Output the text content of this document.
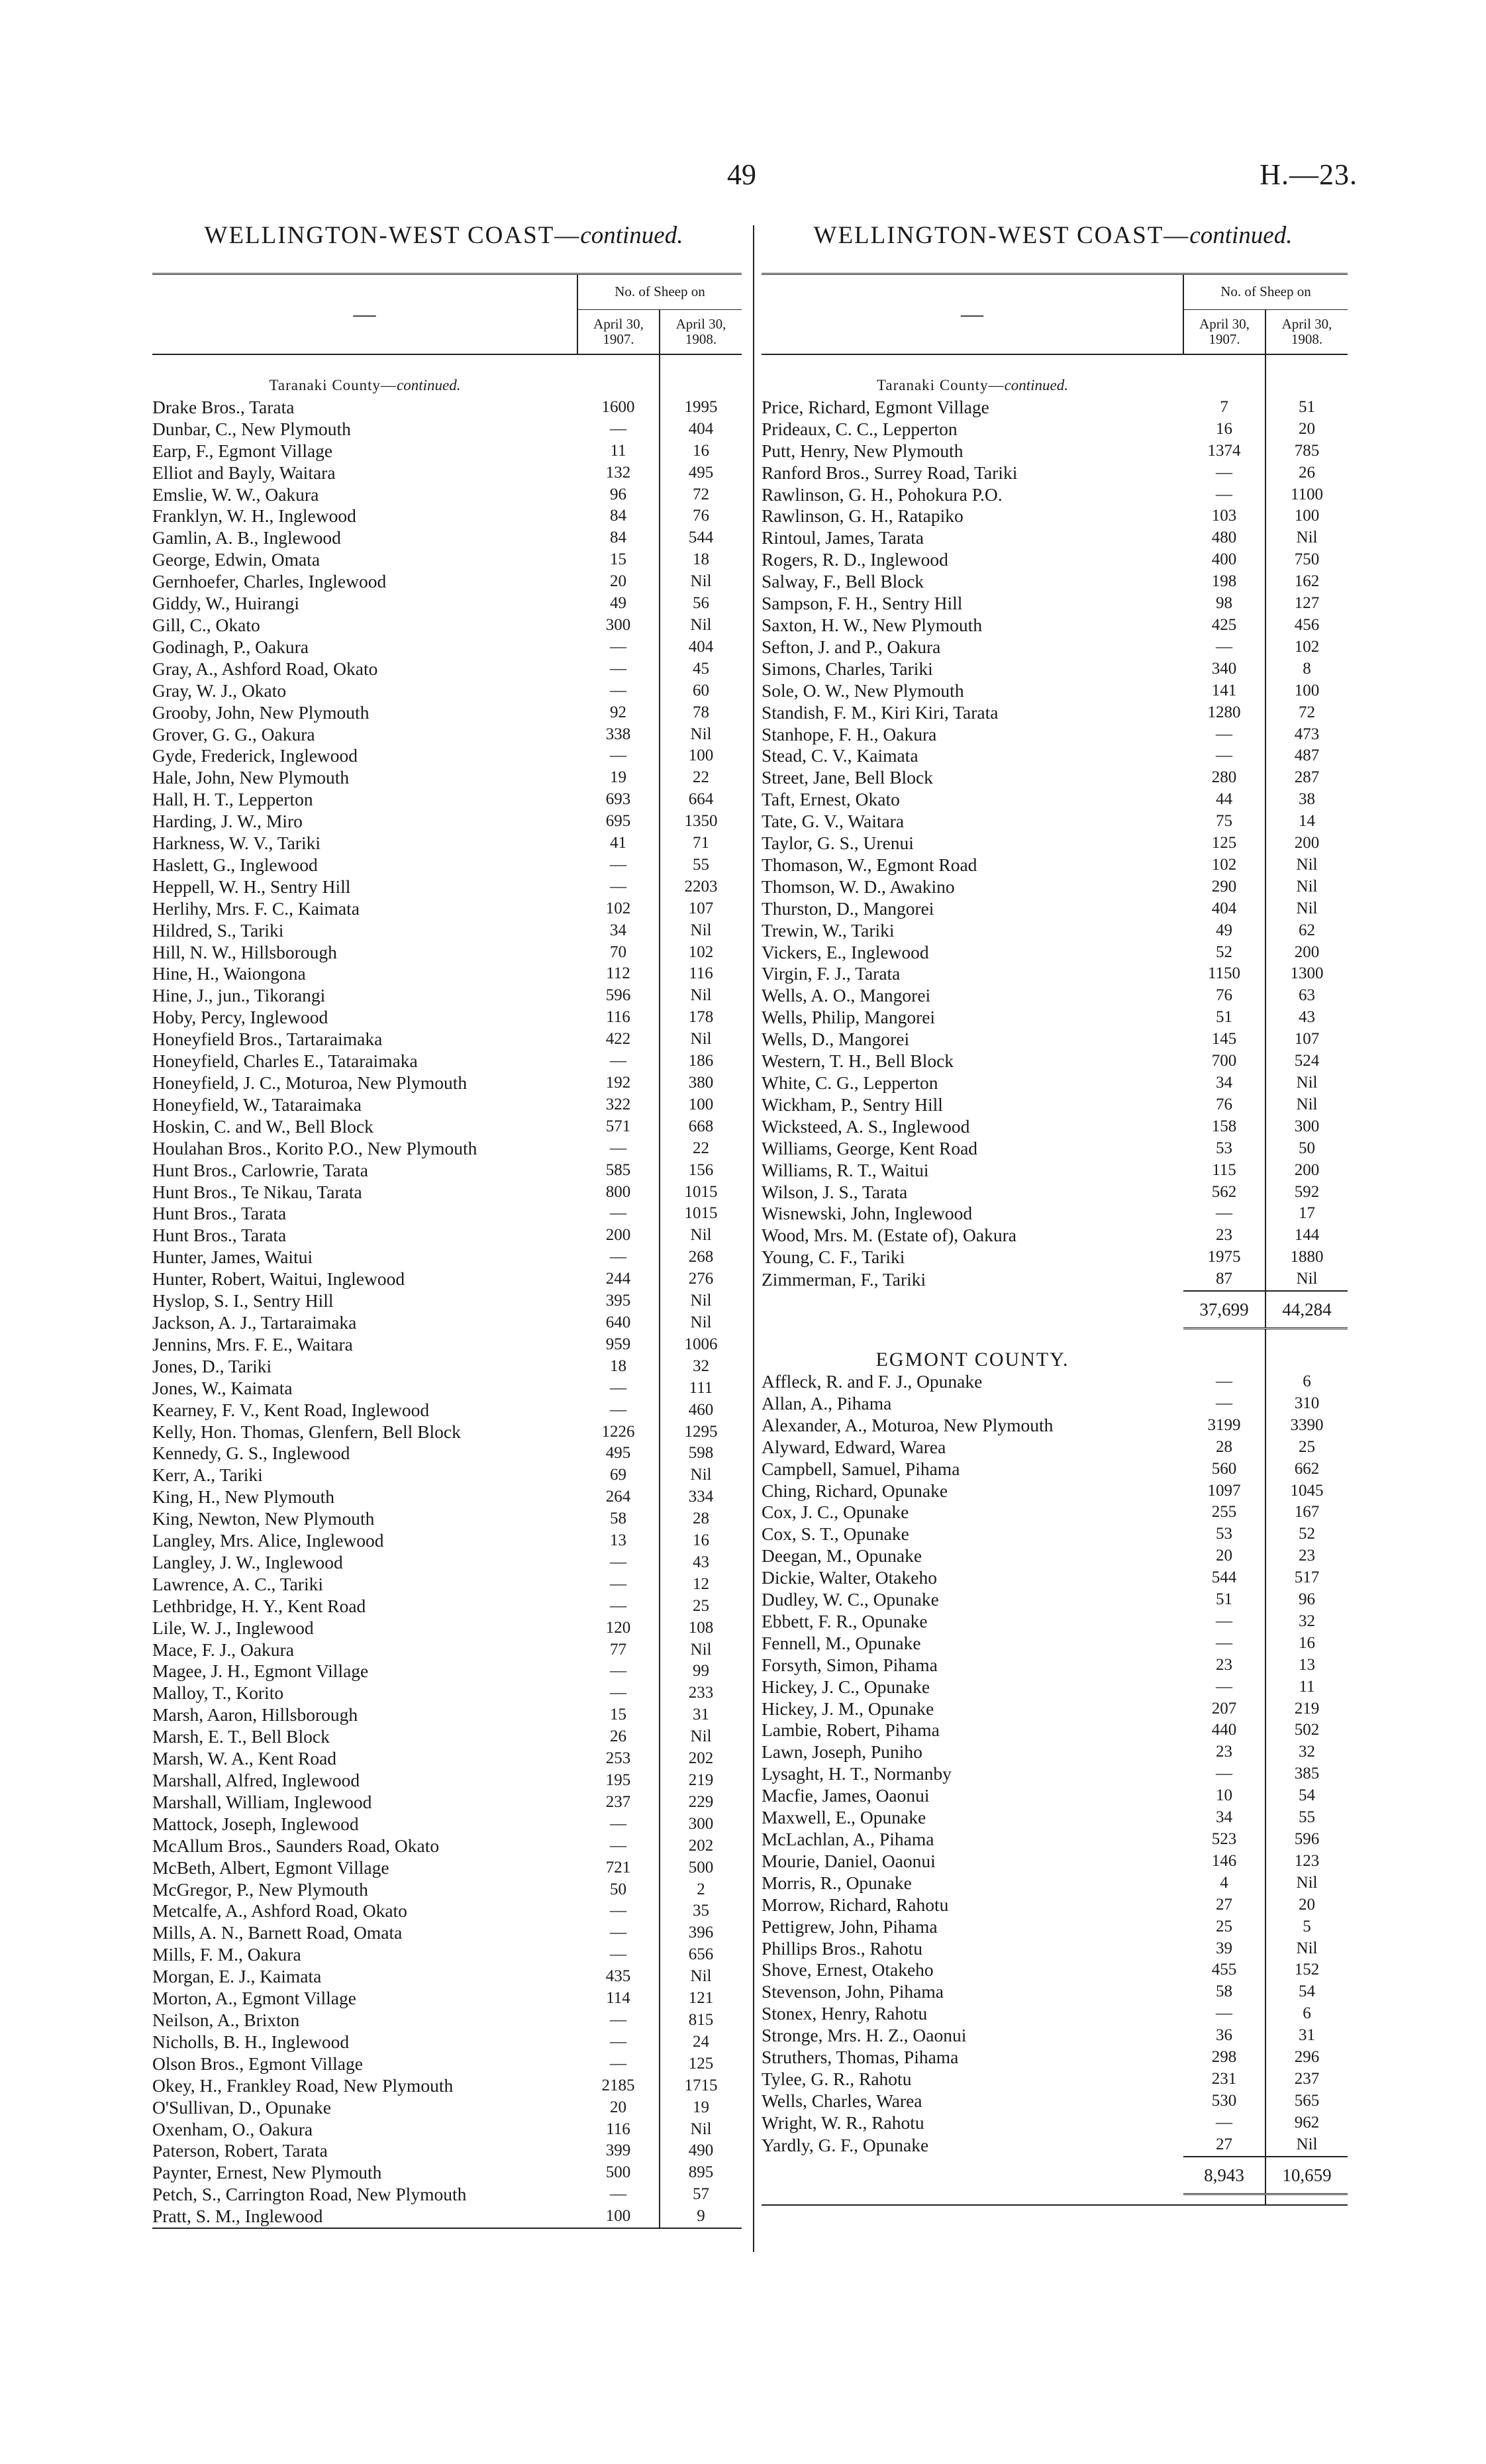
49	H.—23.
WELLINGTON-WEST COAST—continued.	WELLINGTON-WEST COAST—continued.
—	No. of Sheep on	
	April 30, 1907.	April 30, 1908.

Taranaki County—continued.		
Drake Bros., Tarata	1600	1995
Dunbar, C., New Plymouth	—	404
Earp, F., Egmont Village	11	16
Elliot and Bayly, Waitara	132	495
Emslie, W. W., Oakura	96	72
Franklyn, W. H., Inglewood	84	76
Gamlin, A. B., Inglewood	84	544
George, Edwin, Omata	15	18
Gernhoefer, Charles, Inglewood	20	Nil
Giddy, W., Huirangi	49	56
Gill, C., Okato	300	Nil
Godinagh, P., Oakura	—	404
Gray, A., Ashford Road, Okato	—	45
Gray, W. J., Okato	—	60
Grooby, John, New Plymouth	92	78
Grover, G. G., Oakura	338	Nil
Gyde, Frederick, Inglewood	—	100
Hale, John, New Plymouth	19	22
Hall, H. T., Lepperton	693	664
Harding, J. W., Miro	695	1350
Harkness, W. V., Tariki	41	71
Haslett, G., Inglewood	—	55
Heppell, W. H., Sentry Hill	—	2203
Herlihy, Mrs. F. C., Kaimata	102	107
Hildred, S., Tariki	34	Nil
Hill, N. W., Hillsborough	70	102
Hine, H., Waiongona	112	116
Hine, J., jun., Tikorangi	596	Nil
Hoby, Percy, Inglewood	116	178
Honeyfield Bros., Tartaraimaka	422	Nil
Honeyfield, Charles E., Tataraimaka	—	186
Honeyfield, J. C., Moturoa, New Plymouth	192	380
Honeyfield, W., Tataraimaka	322	100
Hoskin, C. and W., Bell Block	571	668
Houlahan Bros., Korito P.O., New Plymouth	—	22
Hunt Bros., Carlowrie, Tarata	585	156
Hunt Bros., Te Nikau, Tarata	800	1015
Hunt Bros., Tarata	—	1015
Hunt Bros., Tarata	200	Nil
Hunter, James, Waitui	—	268
Hunter, Robert, Waitui, Inglewood	244	276
Hyslop, S. I., Sentry Hill	395	Nil
Jackson, A. J., Tartaraimaka	640	Nil
Jennins, Mrs. F. E., Waitara	959	1006
Jones, D., Tariki	18	32
Jones, W., Kaimata	—	111
Kearney, F. V., Kent Road, Inglewood	—	460
Kelly, Hon. Thomas, Glenfern, Bell Block	1226	1295
Kennedy, G. S., Inglewood	495	598
Kerr, A., Tariki	69	Nil
King, H., New Plymouth	264	334
King, Newton, New Plymouth	58	28
Langley, Mrs. Alice, Inglewood	13	16
Langley, J. W., Inglewood	—	43
Lawrence, A. C., Tariki	—	12
Lethbridge, H. Y., Kent Road	—	25
Lile, W. J., Inglewood	120	108
Mace, F. J., Oakura	77	Nil
Magee, J. H., Egmont Village	—	99
Malloy, T., Korito	—	233
Marsh, Aaron, Hillsborough	15	31
Marsh, E. T., Bell Block	26	Nil
Marsh, W. A., Kent Road	253	202
Marshall, Alfred, Inglewood	195	219
Marshall, William, Inglewood	237	229
Mattock, Joseph, Inglewood	—	300
McAllum Bros., Saunders Road, Okato	—	202
McBeth, Albert, Egmont Village	721	500
McGregor, P., New Plymouth	50	2
Metcalfe, A., Ashford Road, Okato	—	35
Mills, A. N., Barnett Road, Omata	—	396
Mills, F. M., Oakura	—	656
Morgan, E. J., Kaimata	435	Nil
Morton, A., Egmont Village	114	121
Neilson, A., Brixton	—	815
Nicholls, B. H., Inglewood	—	24
Olson Bros., Egmont Village	—	125
Okey, H., Frankley Road, New Plymouth	2185	1715
O'Sullivan, D., Opunake	20	19
Oxenham, O., Oakura	116	Nil
Paterson, Robert, Tarata	399	490
Paynter, Ernest, New Plymouth	500	895
Petch, S., Carrington Road, New Plymouth	—	57
Pratt, S. M., Inglewood	100	9

—	No. of Sheep on	
	April 30, 1907.	April 30, 1908.

Taranaki County—continued.		
Price, Richard, Egmont Village	7	51
Prideaux, C. C., Lepperton	16	20
Putt, Henry, New Plymouth	1374	785
Ranford Bros., Surrey Road, Tariki	—	26
Rawlinson, G. H., Pohokura P.O.	—	1100
Rawlinson, G. H., Ratapiko	103	100
Rintoul, James, Tarata	480	Nil
Rogers, R. D., Inglewood	400	750
Salway, F., Bell Block	198	162
Sampson, F. H., Sentry Hill	98	127
Saxton, H. W., New Plymouth	425	456
Sefton, J. and P., Oakura	—	102
Simons, Charles, Tariki	340	8
Sole, O. W., New Plymouth	141	100
Standish, F. M., Kiri Kiri, Tarata	1280	72
Stanhope, F. H., Oakura	—	473
Stead, C. V., Kaimata	—	487
Street, Jane, Bell Block	280	287
Taft, Ernest, Okato	44	38
Tate, G. V., Waitara	75	14
Taylor, G. S., Urenui	125	200
Thomason, W., Egmont Road	102	Nil
Thomson, W. D., Awakino	290	Nil
Thurston, D., Mangorei	404	Nil
Trewin, W., Tariki	49	62
Vickers, E., Inglewood	52	200
Virgin, F. J., Tarata	1150	1300
Wells, A. O., Mangorei	76	63
Wells, Philip, Mangorei	51	43
Wells, D., Mangorei	145	107
Western, T. H., Bell Block	700	524
White, C. G., Lepperton	34	Nil
Wickham, P., Sentry Hill	76	Nil
Wicksteed, A. S., Inglewood	158	300
Williams, George, Kent Road	53	50
Williams, R. T., Waitui	115	200
Wilson, J. S., Tarata	562	592
Wisnewski, John, Inglewood	—	17
Wood, Mrs. M. (Estate of), Oakura	23	144
Young, C. F., Tariki	1975	1880
Zimmerman, F., Tariki	87	Nil
	37,699	44,284

EGMONT COUNTY.		
Affleck, R. and F. J., Opunake	—	6
Allan, A., Pihama	—	310
Alexander, A., Moturoa, New Plymouth	3199	3390
Alyward, Edward, Warea	28	25
Campbell, Samuel, Pihama	560	662
Ching, Richard, Opunake	1097	1045
Cox, J. C., Opunake	255	167
Cox, S. T., Opunake	53	52
Deegan, M., Opunake	20	23
Dickie, Walter, Otakeho	544	517
Dudley, W. C., Opunake	51	96
Ebbett, F. R., Opunake	—	32
Fennell, M., Opunake	—	16
Forsyth, Simon, Pihama	23	13
Hickey, J. C., Opunake	—	11
Hickey, J. M., Opunake	207	219
Lambie, Robert, Pihama	440	502
Lawn, Joseph, Puniho	23	32
Lysaght, H. T., Normanby	—	385
Macfie, James, Oaonui	10	54
Maxwell, E., Opunake	34	55
McLachlan, A., Pihama	523	596
Mourie, Daniel, Oaonui	146	123
Morris, R., Opunake	4	Nil
Morrow, Richard, Rahotu	27	20
Pettigrew, John, Pihama	25	5
Phillips Bros., Rahotu	39	Nil
Shove, Ernest, Otakeho	455	152
Stevenson, John, Pihama	58	54
Stonex, Henry, Rahotu	—	6
Stronge, Mrs. H. Z., Oaonui	36	31
Struthers, Thomas, Pihama	298	296
Tylee, G. R., Rahotu	231	237
Wells, Charles, Warea	530	565
Wright, W. R., Rahotu	—	962
Yardly, G. F., Opunake	27	Nil
	8,943	10,659
